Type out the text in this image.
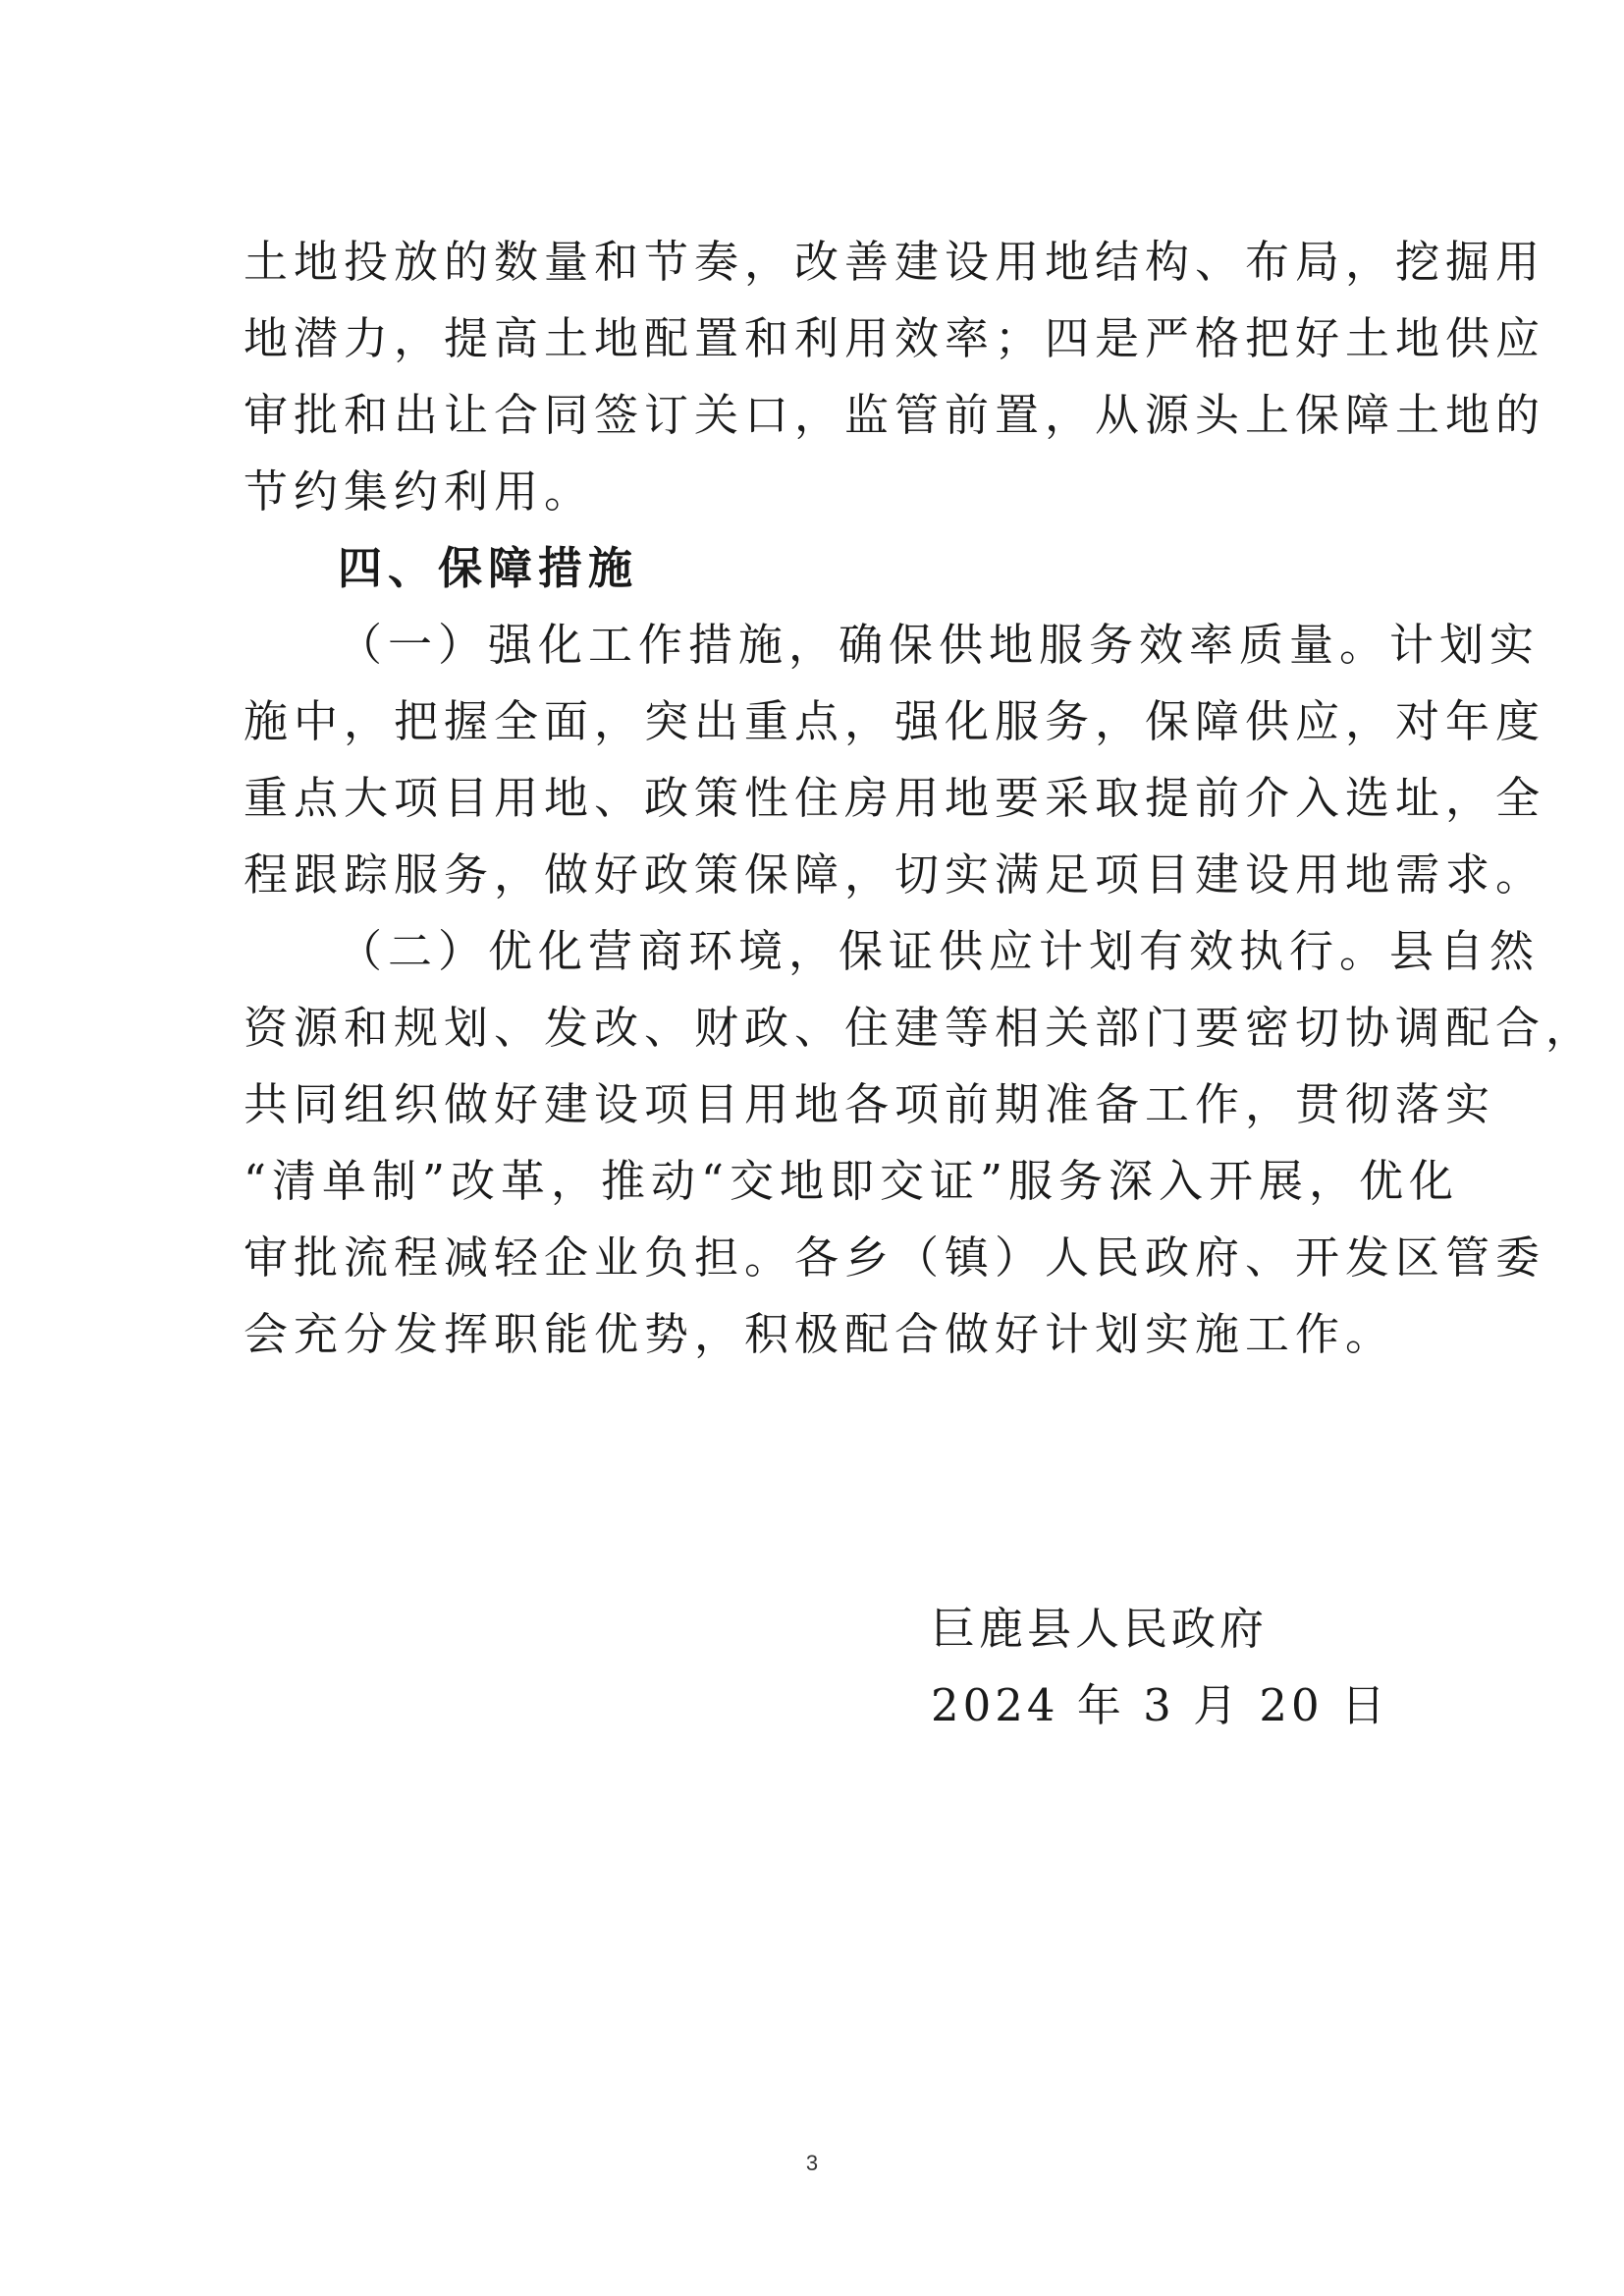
土地投放的数量和节奏，改善建设用地结构、布局，挖掘用
地潜力，提高土地配置和利用效率；四是严格把好土地供应
审批和出让合同签订关口，监管前置，从源头上保障土地的
节约集约利用。
四、保障措施
（一）强化工作措施，确保供地服务效率质量。计划实
施中，把握全面，突出重点，强化服务，保障供应，对年度
重点大项目用地、政策性住房用地要采取提前介入选址，全
程跟踪服务，做好政策保障，切实满足项目建设用地需求。
（二）优化营商环境，保证供应计划有效执行。县自然
资源和规划、发改、财政、住建等相关部门要密切协调配合，
共同组织做好建设项目用地各项前期准备工作，贯彻落实
“清单制”改革，推动“交地即交证”服务深入开展，优化
审批流程减轻企业负担。各乡（镇）人民政府、开发区管委
会充分发挥职能优势，积极配合做好计划实施工作。
巨鹿县人民政府
2024 年 3 月 20 日
3
